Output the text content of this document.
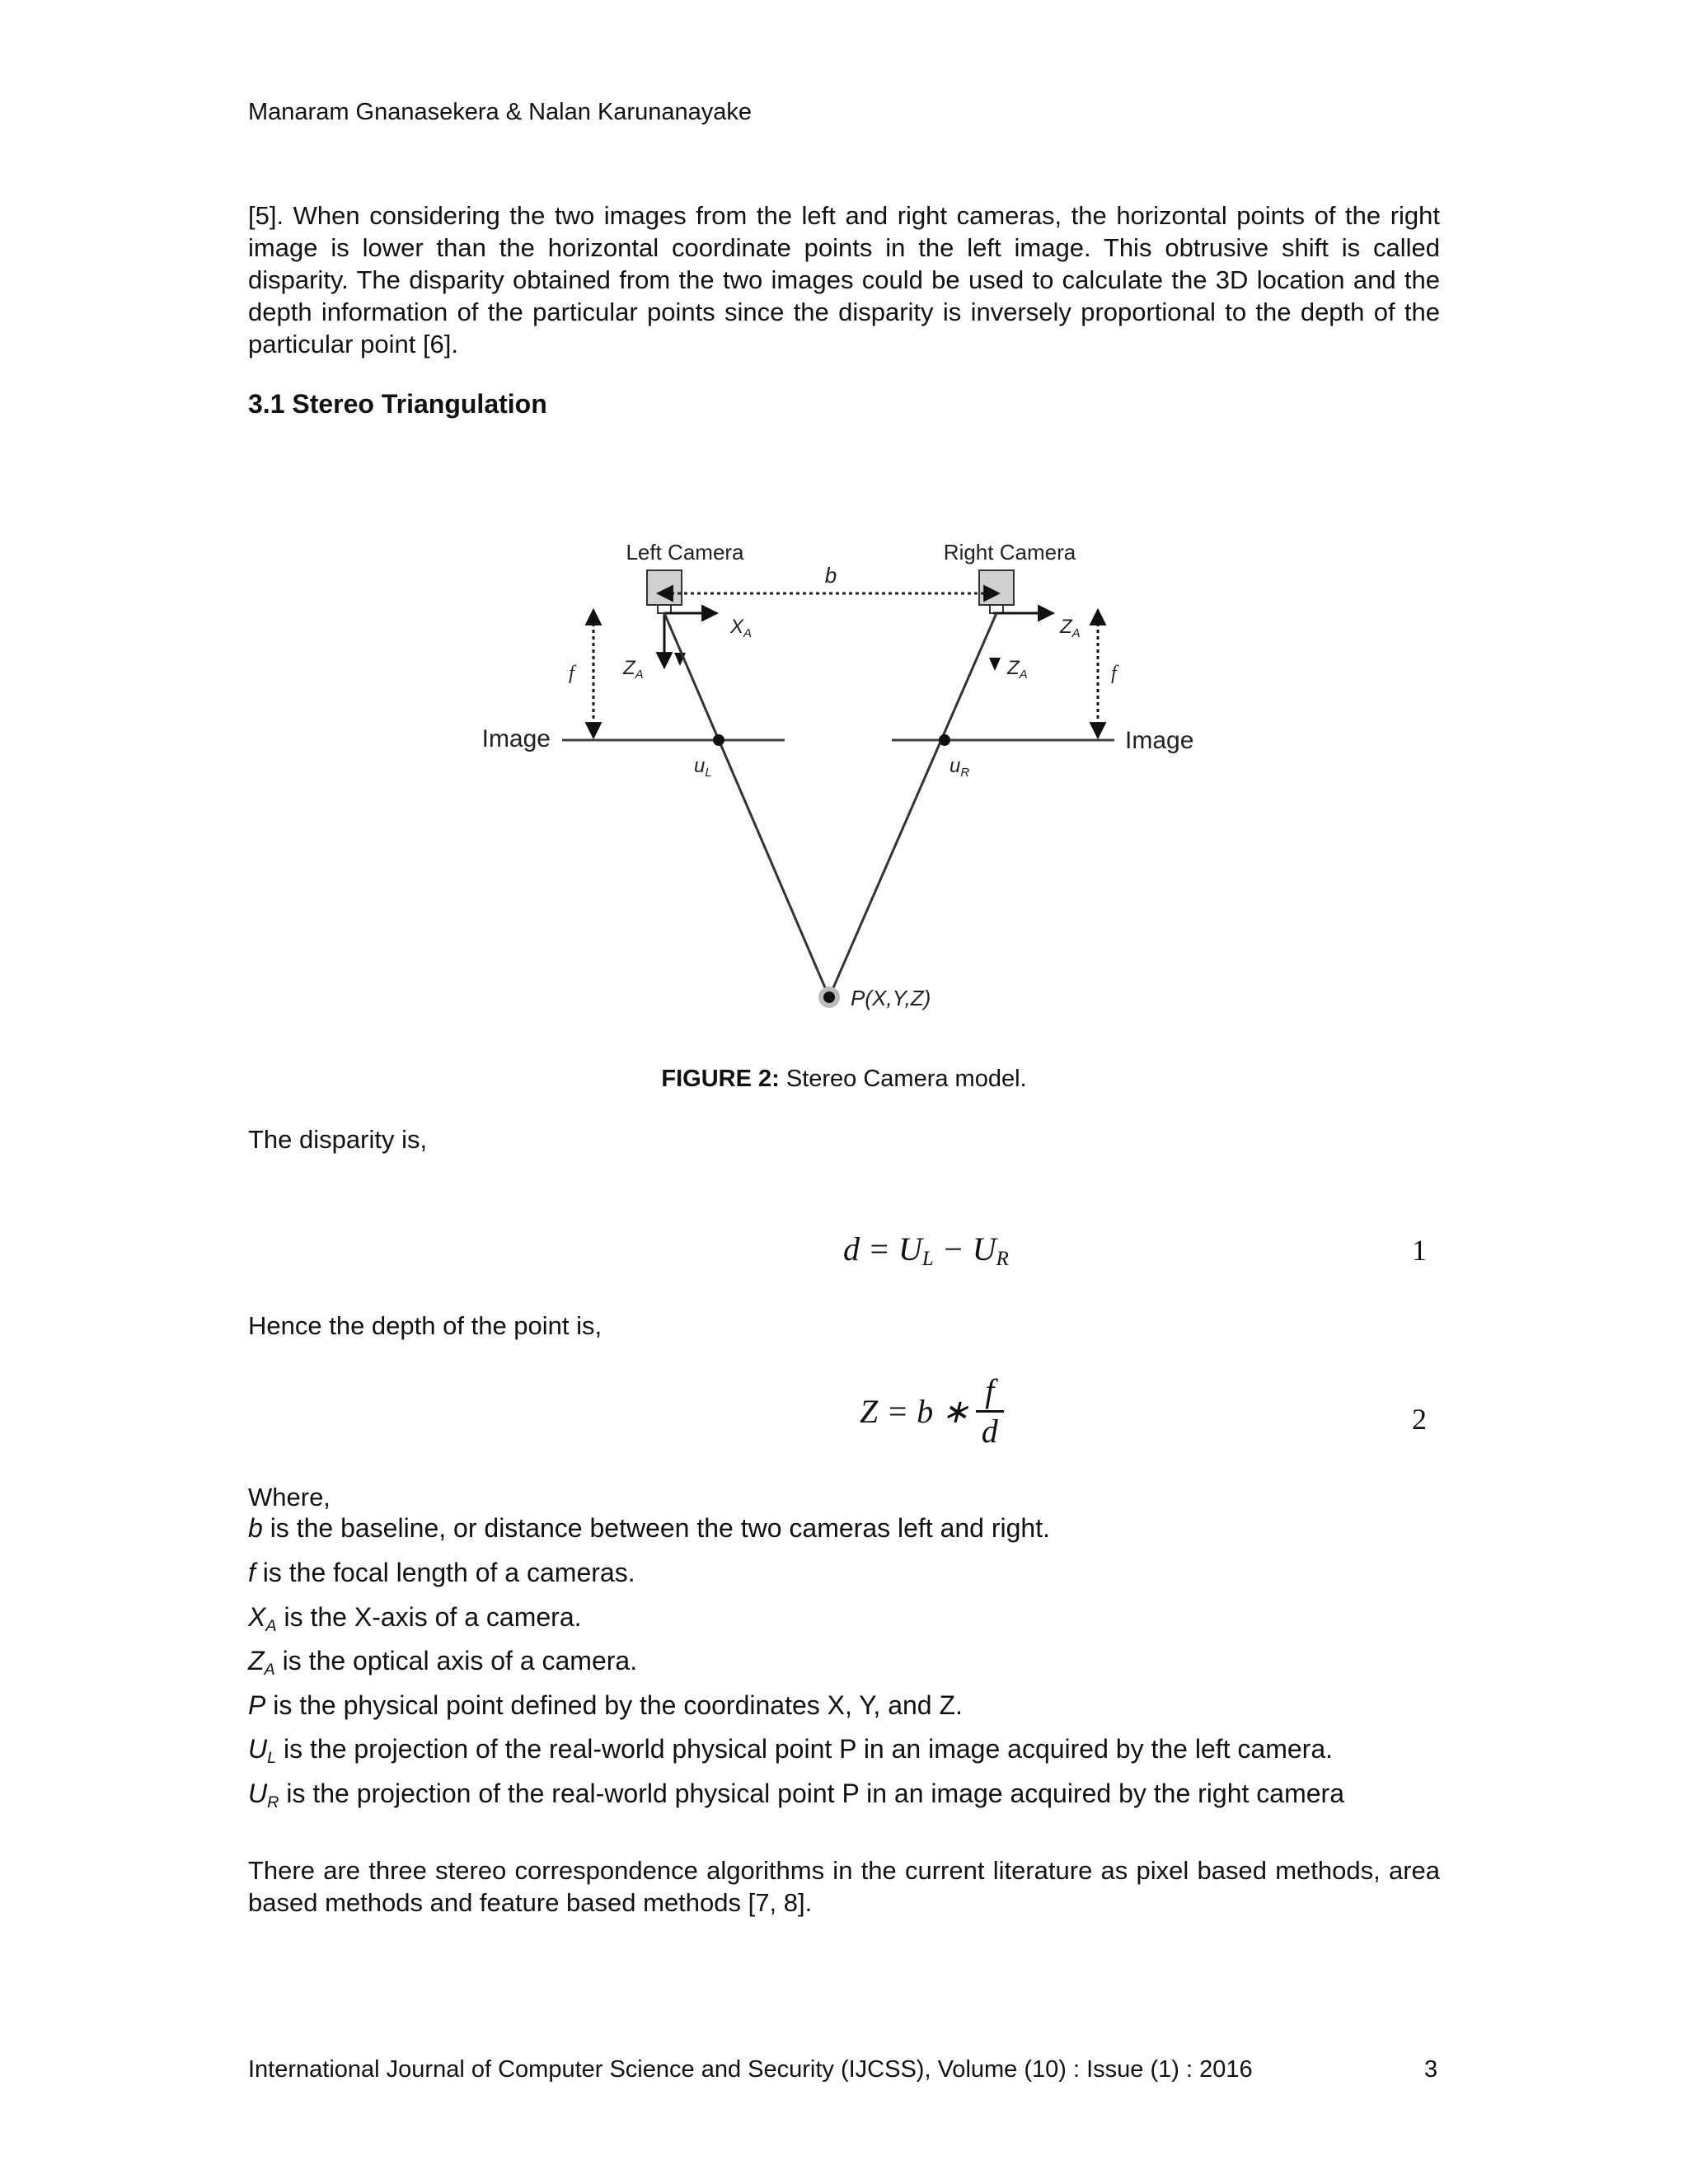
Manaram Gnanasekera & Nalan Karunanayake
[5]. When considering the two images from the left and right cameras, the horizontal points of the right image is lower than the horizontal coordinate points in the left image. This obtrusive shift is called disparity. The disparity obtained from the two images could be used to calculate the 3D location and the depth information of the particular points since the disparity is inversely proportional to the depth of the particular point [6].
3.1 Stereo Triangulation
Left Camera	Right Camera
b
$X_A$
$Z_A$
$Z_A$
$Z_A$
f	f
Image	Image
$u_L$	$u_R$
P(X,Y,Z)
FIGURE 2: Stereo Camera model.
The disparity is,
$d = U_L - U_R$	1
Hence the depth of the point is,
Z = b ∗ $\frac{f}{d}$	2
Where,
b is the baseline, or distance between the two cameras left and right.
f is the focal length of a cameras.
$X_A$ is the X-axis of a camera.
$Z_A$ is the optical axis of a camera.
P is the physical point defined by the coordinates X, Y, and Z.
$U_L$ is the projection of the real-world physical point P in an image acquired by the left camera.
$U_R$ is the projection of the real-world physical point P in an image acquired by the right camera
There are three stereo correspondence algorithms in the current literature as pixel based methods, area based methods and feature based methods [7, 8].
International Journal of Computer Science and Security (IJCSS), Volume (10) : Issue (1) : 2016	3
